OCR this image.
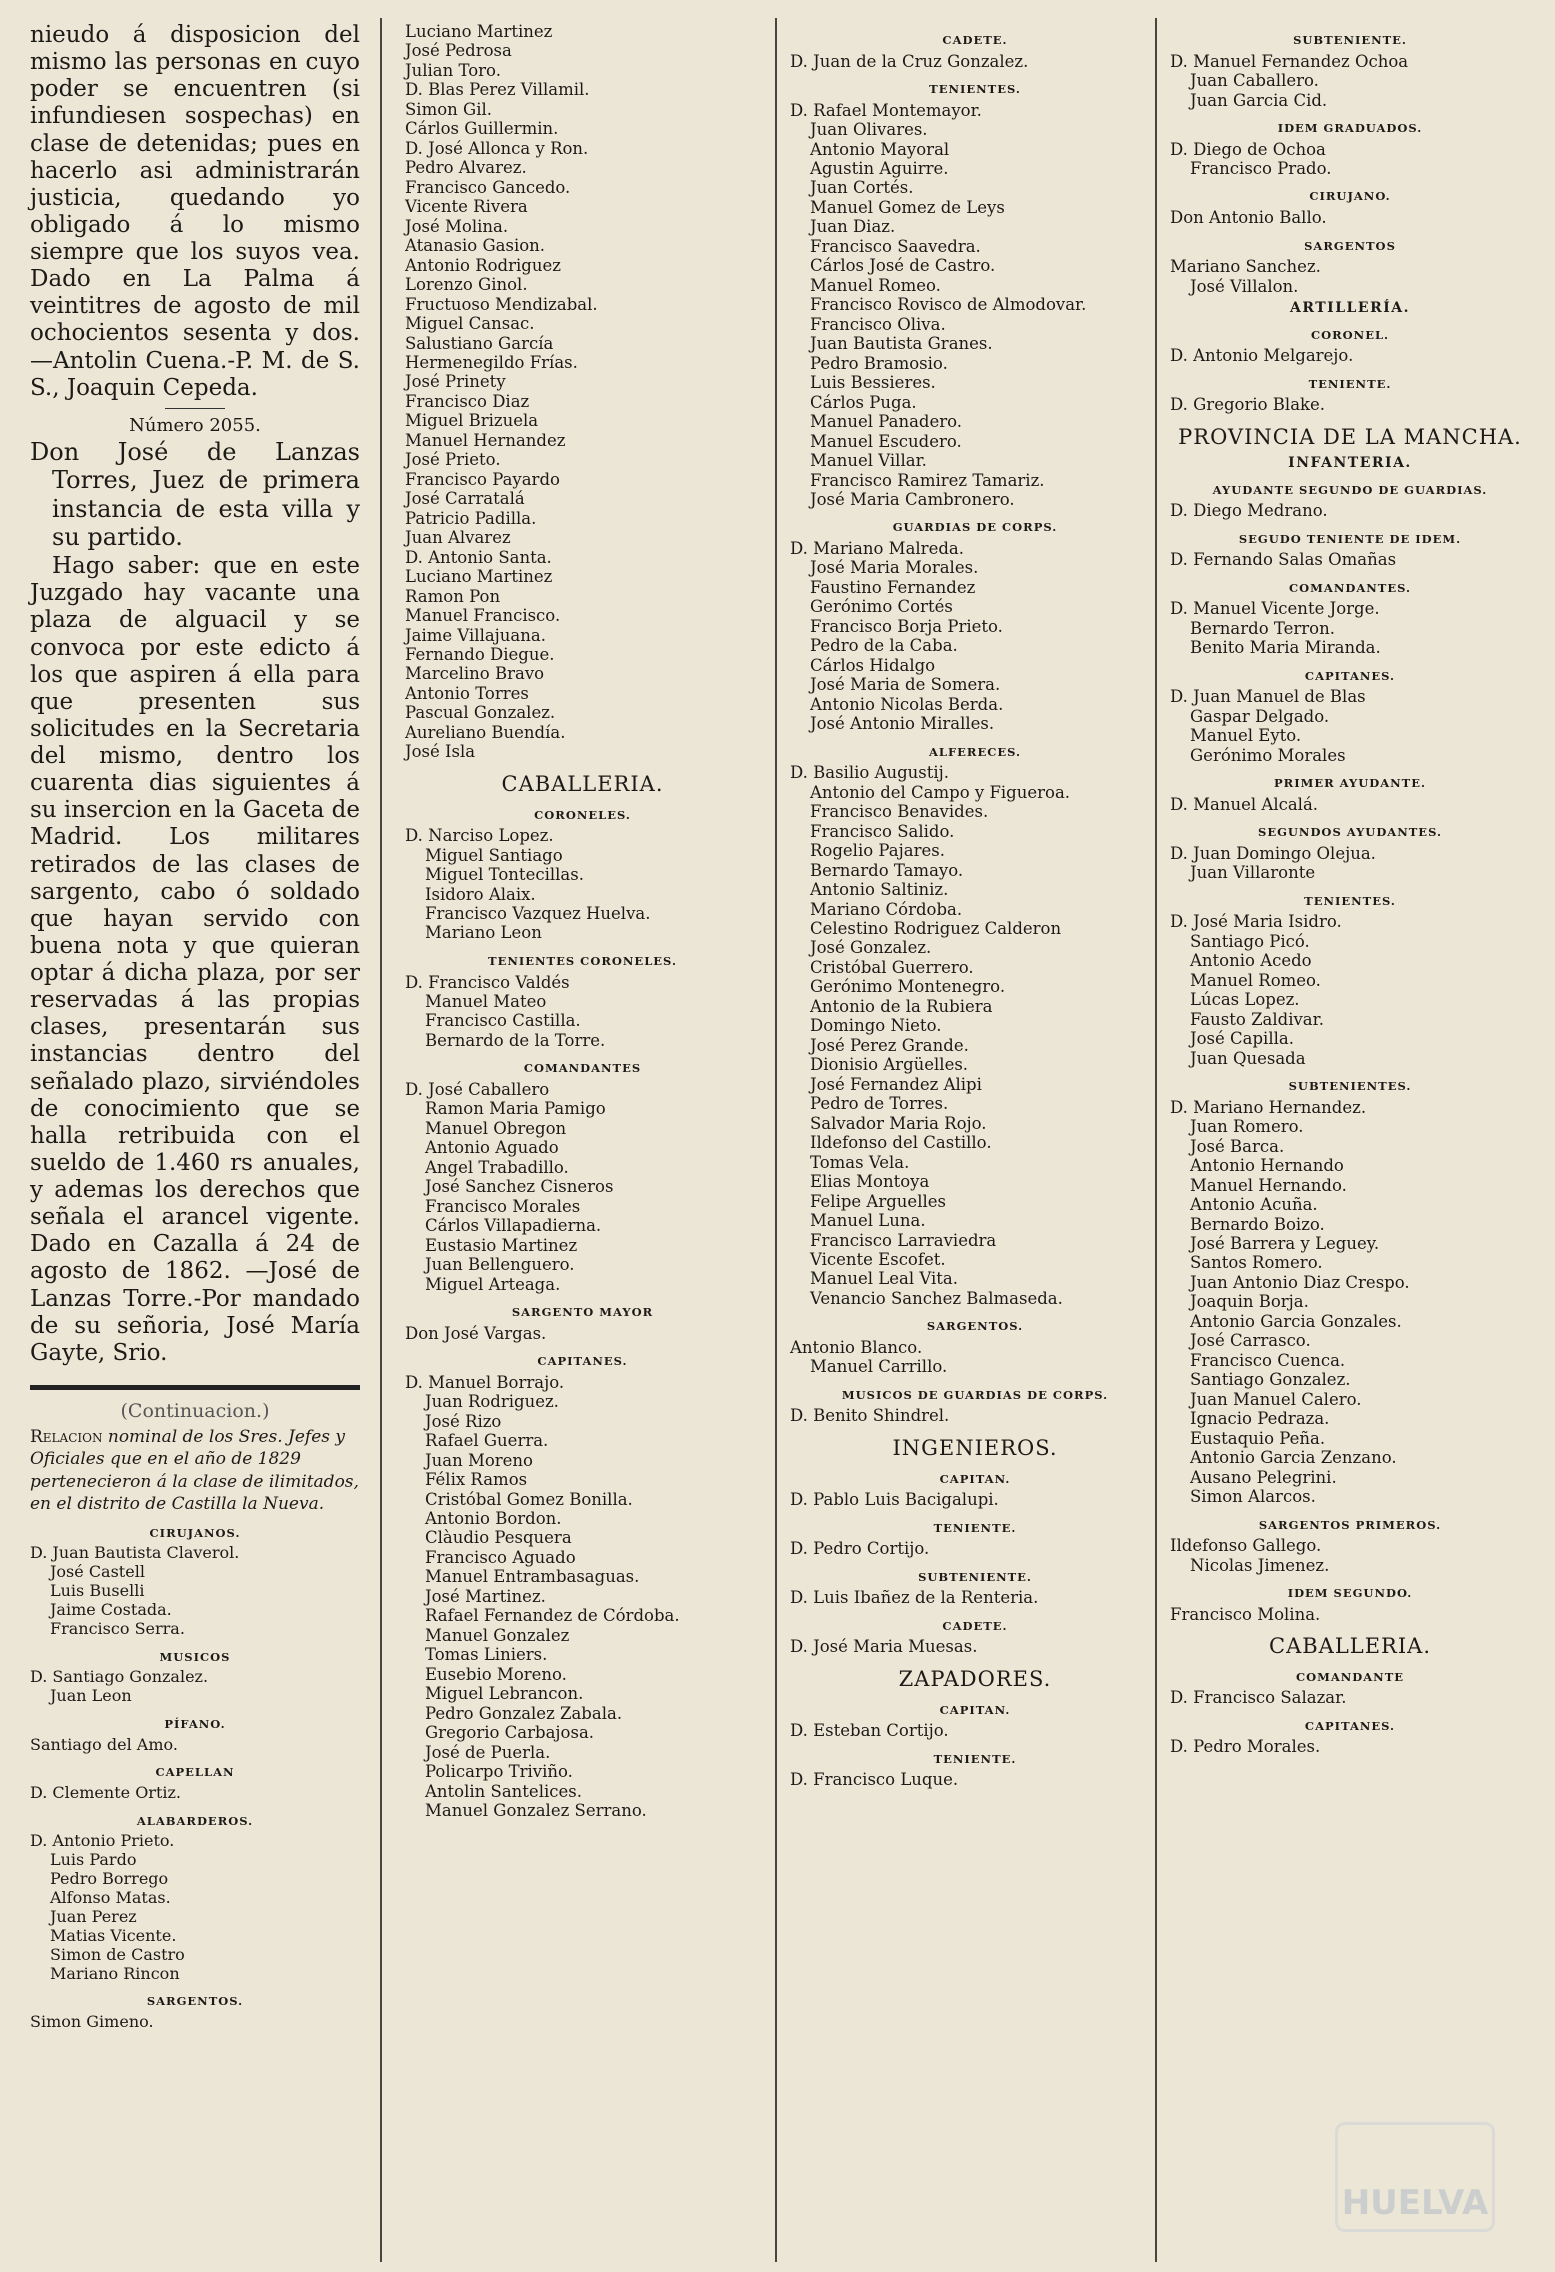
nieudo á disposicion del mismo las personas en cuyo poder se encuentren (si infundiesen sospechas) en clase de detenidas; pues en hacerlo asi administrarán justicia, quedando yo obligado á lo mismo siempre que los suyos vea. Dado en La Palma á veintitres de agosto de mil ochocientos sesenta y dos.—Antolin Cuena.-P. M. de S. S., Joaquin Cepeda.

Número 2055.

Don José de Lanzas Torres, Juez de primera instancia de esta villa y su partido.

Hago saber: que en este Juzgado hay vacante una plaza de alguacil y se convoca por este edicto á los que aspiren á ella para que presenten sus solicitudes en la Secretaria del mismo, dentro los cuarenta dias siguientes á su insercion en la Gaceta de Madrid. Los militares retirados de las clases de sargento, cabo ó soldado que hayan servido con buena nota y que quieran optar á dicha plaza, por ser reservadas á las propias clases, presentarán sus instancias dentro del señalado plazo, sirviéndoles de conocimiento que se halla retribuida con el sueldo de 1.460 rs anuales, y ademas los derechos que señala el arancel vigente. Dado en Cazalla á 24 de agosto de 1862. —José de Lanzas Torre.-Por mandado de su señoria, José María Gayte, Srio.

(Continuacion.)

Relacion nominal de los Sres. Jefes y Oficiales que en el año de 1829 pertenecieron á la clase de ilimitados, en el distrito de Castilla la Nueva.

CIRUJANOS.
D. Juan Bautista Claverol.
José Castell
Luis Buselli
Jaime Costada.
Francisco Serra.
MUSICOS
D. Santiago Gonzalez.
Juan Leon
PÍFANO.
Santiago del Amo.
CAPELLAN
D. Clemente Ortiz.
ALABARDEROS.
D. Antonio Prieto.
Luis Pardo
Pedro Borrego
Alfonso Matas.
Juan Perez
Matias Vicente.
Simon de Castro
Mariano Rincon
SARGENTOS.
Simon Gimeno.
Luciano Martinez
José Pedrosa
Julian Toro.
D. Blas Perez Villamil.
Simon Gil.
Cárlos Guillermin.
D. José Allonca y Ron.
Pedro Alvarez.
Francisco Gancedo.
Vicente Rivera
José Molina.
Atanasio Gasion.
Antonio Rodriguez
Lorenzo Ginol.
Fructuoso Mendizabal.
Miguel Cansac.
Salustiano García
Hermenegildo Frías.
José Prinety
Francisco Diaz
Miguel Brizuela
Manuel Hernandez
José Prieto.
Francisco Payardo
José Carratalá
Patricio Padilla.
Juan Alvarez
D. Antonio Santa.
Luciano Martinez
Ramon Pon
Manuel Francisco.
Jaime Villajuana.
Fernando Diegue.
Marcelino Bravo
Antonio Torres
Pascual Gonzalez.
Aureliano Buendía.
José Isla
CABALLERIA.
CORONELES.
D. Narciso Lopez.
Miguel Santiago
Miguel Tontecillas.
Isidoro Alaix.
Francisco Vazquez Huelva.
Mariano Leon
TENIENTES CORONELES.
D. Francisco Valdés
Manuel Mateo
Francisco Castilla.
Bernardo de la Torre.
COMANDANTES
D. José Caballero
Ramon Maria Pamigo
Manuel Obregon
Antonio Aguado
Angel Trabadillo.
José Sanchez Cisneros
Francisco Morales
Cárlos Villapadierna.
Eustasio Martinez
Juan Bellenguero.
Miguel Arteaga.
SARGENTO MAYOR
Don José Vargas.
CAPITANES.
D. Manuel Borrajo.
Juan Rodriguez.
José Rizo
Rafael Guerra.
Juan Moreno
Félix Ramos
Cristóbal Gomez Bonilla.
Antonio Bordon.
Clàudio Pesquera
Francisco Aguado
Manuel Entrambasaguas.
José Martinez.
Rafael Fernandez de Córdoba.
Manuel Gonzalez
Tomas Liniers.
Eusebio Moreno.
Miguel Lebrancon.
Pedro Gonzalez Zabala.
Gregorio Carbajosa.
José de Puerla.
Policarpo Triviño.
Antolin Santelices.
Manuel Gonzalez Serrano.
CADETE.
D. Juan de la Cruz Gonzalez.
TENIENTES.
D. Rafael Montemayor.
Juan Olivares.
Antonio Mayoral
Agustin Aguirre.
Juan Cortés.
Manuel Gomez de Leys
Juan Diaz.
Francisco Saavedra.
Cárlos José de Castro.
Manuel Romeo.
Francisco Rovisco de Almodovar.
Francisco Oliva.
Juan Bautista Granes.
Pedro Bramosio.
Luis Bessieres.
Cárlos Puga.
Manuel Panadero.
Manuel Escudero.
Manuel Villar.
Francisco Ramirez Tamariz.
José Maria Cambronero.
GUARDIAS DE CORPS.
D. Mariano Malreda.
José Maria Morales.
Faustino Fernandez
Gerónimo Cortés
Francisco Borja Prieto.
Pedro de la Caba.
Cárlos Hidalgo
José Maria de Somera.
Antonio Nicolas Berda.
José Antonio Miralles.
ALFERECES.
D. Basilio Augustij.
Antonio del Campo y Figueroa.
Francisco Benavides.
Francisco Salido.
Rogelio Pajares.
Bernardo Tamayo.
Antonio Saltiniz.
Mariano Córdoba.
Celestino Rodriguez Calderon
José Gonzalez.
Cristóbal Guerrero.
Gerónimo Montenegro.
Antonio de la Rubiera
Domingo Nieto.
José Perez Grande.
Dionisio Argüelles.
José Fernandez Alipi
Pedro de Torres.
Salvador Maria Rojo.
Ildefonso del Castillo.
Tomas Vela.
Elias Montoya
Felipe Arguelles
Manuel Luna.
Francisco Larraviedra
Vicente Escofet.
Manuel Leal Vita.
Venancio Sanchez Balmaseda.
SARGENTOS.
Antonio Blanco.
Manuel Carrillo.
MUSICOS DE GUARDIAS DE CORPS.
D. Benito Shindrel.
INGENIEROS.
CAPITAN.
D. Pablo Luis Bacigalupi.
TENIENTE.
D. Pedro Cortijo.
SUBTENIENTE.
D. Luis Ibañez de la Renteria.
CADETE.
D. José Maria Muesas.
ZAPADORES.
CAPITAN.
D. Esteban Cortijo.
TENIENTE.
D. Francisco Luque.
SUBTENIENTE.
D. Manuel Fernandez Ochoa
Juan Caballero.
Juan Garcia Cid.
IDEM GRADUADOS.
D. Diego de Ochoa
Francisco Prado.
CIRUJANO.
Don Antonio Ballo.
SARGENTOS
Mariano Sanchez.
José Villalon.
ARTILLERÍA.
CORONEL.
D. Antonio Melgarejo.
TENIENTE.
D. Gregorio Blake.
PROVINCIA DE LA MANCHA.
INFANTERIA.
AYUDANTE SEGUNDO DE GUARDIAS.
D. Diego Medrano.
SEGUDO TENIENTE DE IDEM.
D. Fernando Salas Omañas
COMANDANTES.
D. Manuel Vicente Jorge.
Bernardo Terron.
Benito Maria Miranda.
CAPITANES.
D. Juan Manuel de Blas
Gaspar Delgado.
Manuel Eyto.
Gerónimo Morales
PRIMER AYUDANTE.
D. Manuel Alcalá.
SEGUNDOS AYUDANTES.
D. Juan Domingo Olejua.
Juan Villaronte
TENIENTES.
D. José Maria Isidro.
Santiago Picó.
Antonio Acedo
Manuel Romeo.
Lúcas Lopez.
Fausto Zaldivar.
José Capilla.
Juan Quesada
SUBTENIENTES.
D. Mariano Hernandez.
Juan Romero.
José Barca.
Antonio Hernando
Manuel Hernando.
Antonio Acuña.
Bernardo Boizo.
José Barrera y Leguey.
Santos Romero.
Juan Antonio Diaz Crespo.
Joaquin Borja.
Antonio Garcia Gonzales.
José Carrasco.
Francisco Cuenca.
Santiago Gonzalez.
Juan Manuel Calero.
Ignacio Pedraza.
Eustaquio Peña.
Antonio Garcia Zenzano.
Ausano Pelegrini.
Simon Alarcos.
SARGENTOS PRIMEROS.
Ildefonso Gallego.
Nicolas Jimenez.
IDEM SEGUNDO.
Francisco Molina.
CABALLERIA.
COMANDANTE
D. Francisco Salazar.
CAPITANES.
D. Pedro Morales.
HUELVA
